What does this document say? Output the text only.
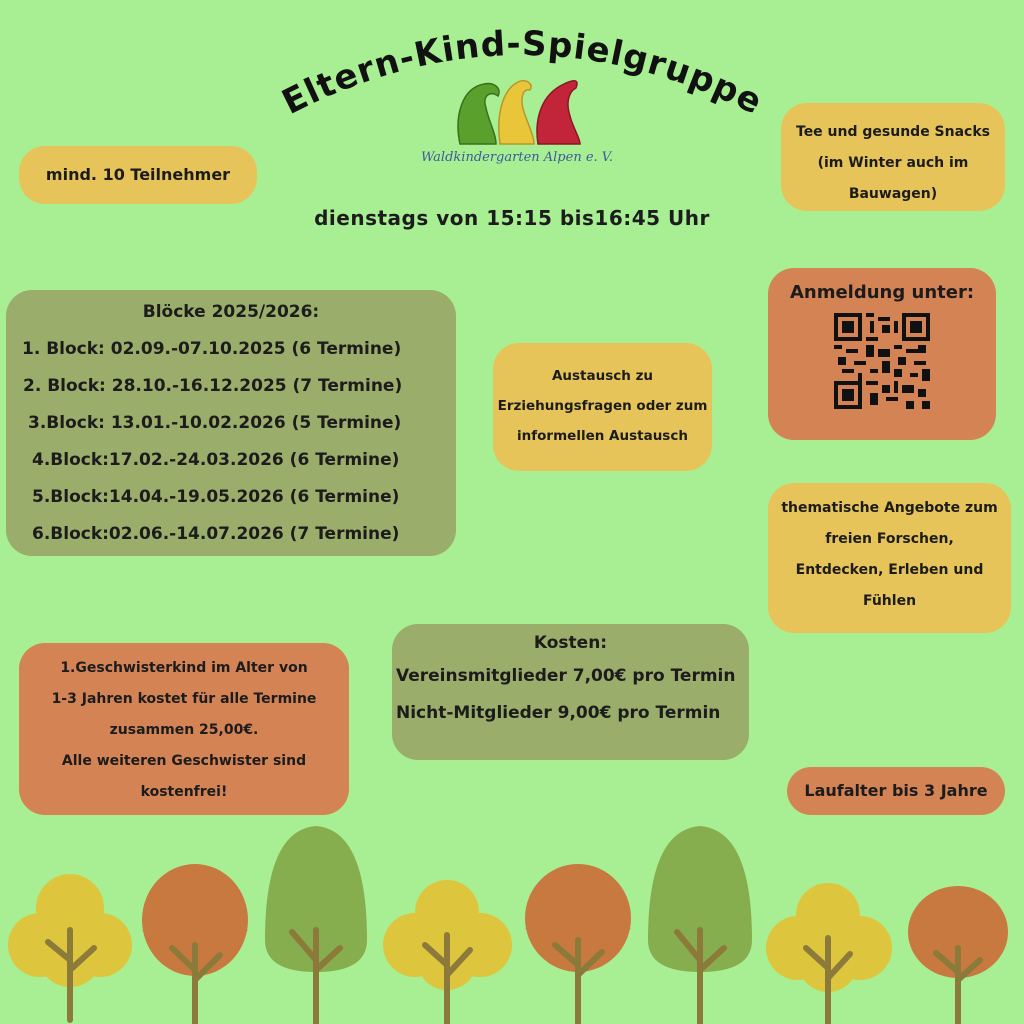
Eltern-Kind-Spielgruppe
Waldkindergarten Alpen e. V.
dienstags von 15:15 bis16:45 Uhr
mind. 10 Teilnehmer
Tee und gesunde Snacks
(im Winter auch im
Bauwagen)
Blöcke 2025/2026:
1. Block: 02.09.-07.10.2025 (6 Termine)
2. Block: 28.10.-16.12.2025 (7 Termine)
3.Block: 13.01.-10.02.2026 (5 Termine)
4.Block:17.02.-24.03.2026 (6 Termine)
5.Block:14.04.-19.05.2026 (6 Termine)
6.Block:02.06.-14.07.2026 (7 Termine)
Austausch zu
Erziehungsfragen oder zum
informellen Austausch
Anmeldung unter:
thematische Angebote zum
freien Forschen,
Entdecken, Erleben und
Fühlen
1.Geschwisterkind im Alter von
1-3 Jahren kostet für alle Termine
zusammen 25,00€.
Alle weiteren Geschwister sind
kostenfrei!
Kosten:
Vereinsmitglieder 7,00€ pro Termin
Nicht-Mitglieder 9,00€ pro Termin
Laufalter bis 3 Jahre
